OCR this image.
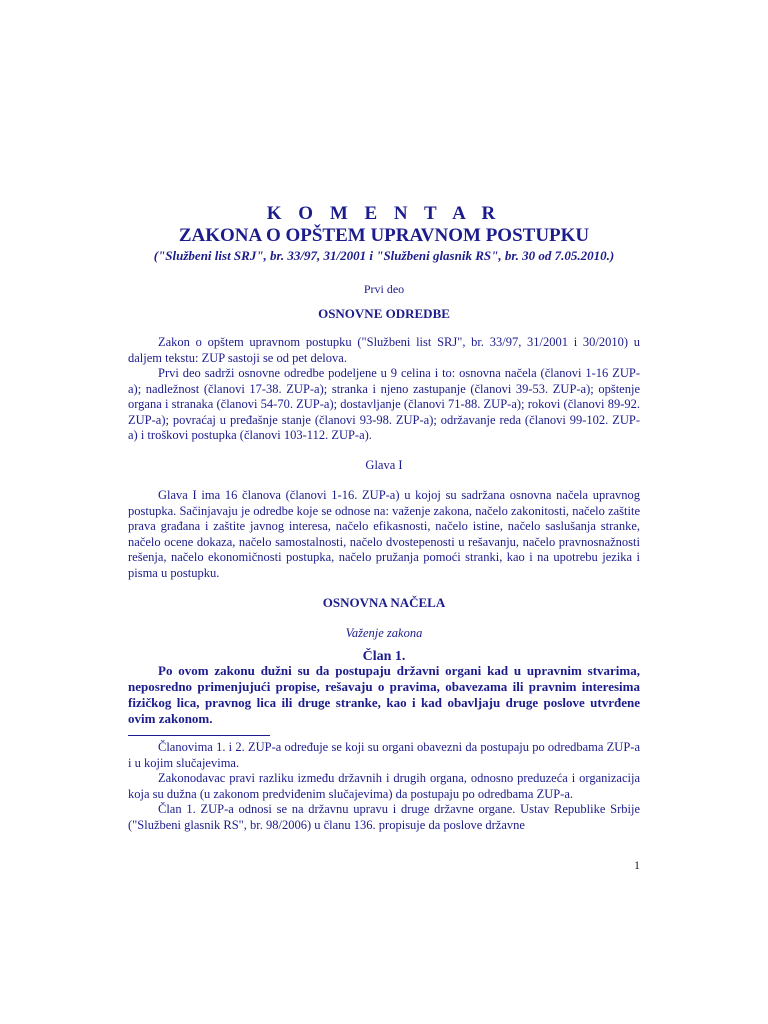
K O M E N T A R
ZAKONA O OPŠTEM UPRAVNOM POSTUPKU
("Službeni list SRJ", br. 33/97, 31/2001 i "Službeni glasnik RS", br. 30 od 7.05.2010.)
Prvi deo
OSNOVNE ODREDBE

Zakon o opštem upravnom postupku ("Službeni list SRJ", br. 33/97, 31/2001 i 30/2010) u daljem tekstu: ZUP sastoji se od pet delova.

Prvi deo sadrži osnovne odredbe podeljene u 9 celina i to: osnovna načela (članovi 1-16 ZUP-a); nadležnost (članovi 17-38. ZUP-a); stranka i njeno zastupanje (članovi 39-53. ZUP-a); opštenje organa i stranaka (članovi 54-70. ZUP-a); dostavljanje (članovi 71-88. ZUP-a); rokovi (članovi 89-92. ZUP-a); povraćaj u pređašnje stanje (članovi 93-98. ZUP-a); održavanje reda (članovi 99-102. ZUP-a) i troškovi postupka (članovi 103-112. ZUP-a).

Glava I

Glava I ima 16 članova (članovi 1-16. ZUP-a) u kojoj su sadržana osnovna načela upravnog postupka. Sačinjavaju je odredbe koje se odnose na: važenje zakona, načelo zakonitosti, načelo zaštite prava građana i zaštite javnog interesa, načelo efikasnosti, načelo istine, načelo saslušanja stranke, načelo ocene dokaza, načelo samostalnosti, načelo dvostepenosti u rešavanju, načelo pravnosnažnosti rešenja, načelo ekonomičnosti postupka, načelo pružanja pomoći stranki, kao i na upotrebu jezika i pisma u postupku.

OSNOVNA NAČELA
Važenje zakona
Član 1.

Po ovom zakonu dužni su da postupaju državni organi kad u upravnim stvarima, neposredno primenjujući propise, rešavaju o pravima, obavezama ili pravnim interesima fizičkog lica, pravnog lica ili druge stranke, kao i kad obavljaju druge poslove utvrđene ovim zakonom.

Članovima 1. i 2. ZUP-a određuje se koji su organi obavezni da postupaju po odredbama ZUP-a i u kojim slučajevima.

Zakonodavac pravi razliku između državnih i drugih organa, odnosno preduzeća i organizacija koja su dužna (u zakonom predviđenim slučajevima) da postupaju po odredbama ZUP-a.

Član 1. ZUP-a odnosi se na državnu upravu i druge državne organe. Ustav Republike Srbije ("Službeni glasnik RS", br. 98/2006) u članu 136. propisuje da poslove državne

1
